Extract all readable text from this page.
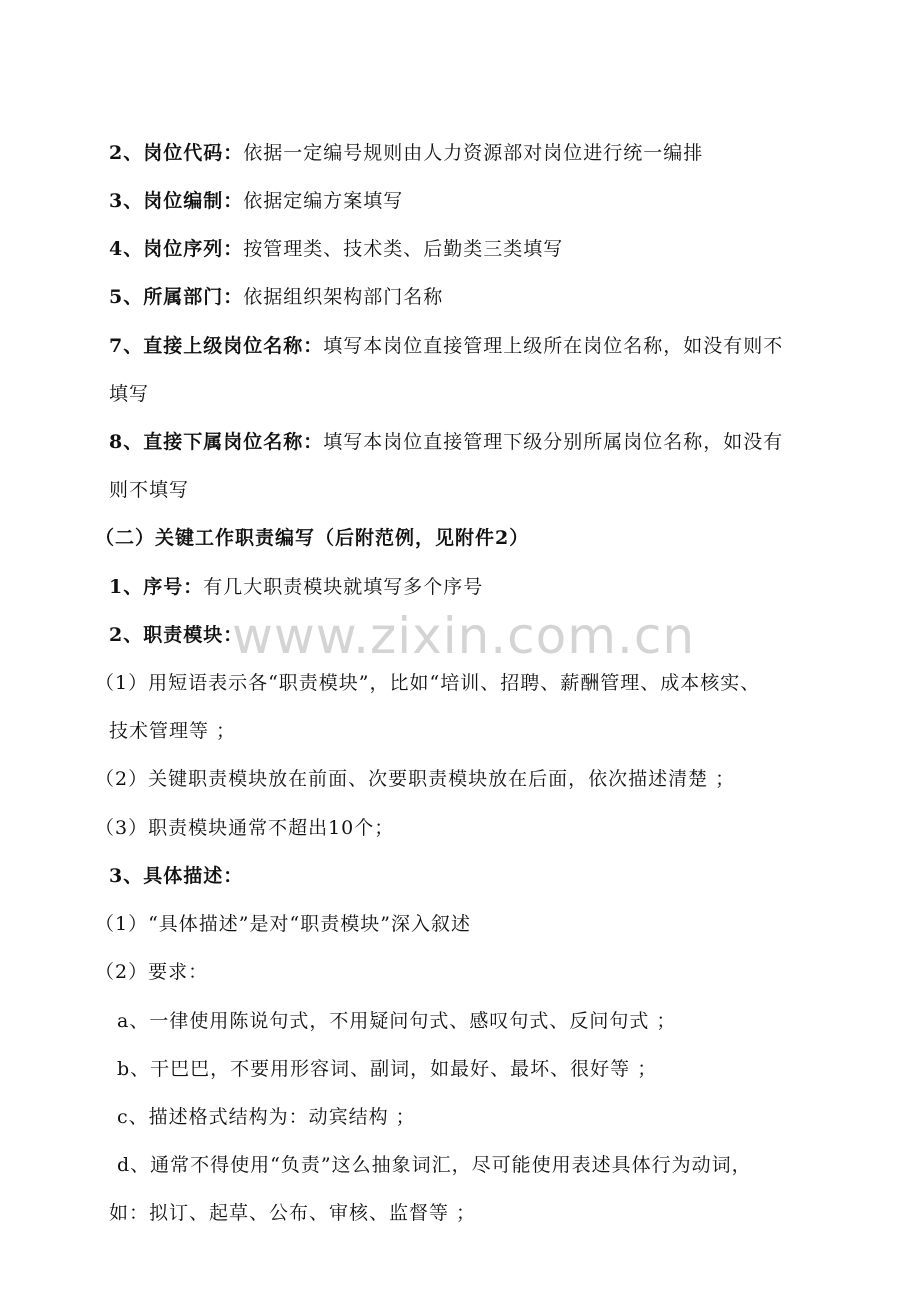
www.zixin.com.cn
2、岗位代码：依据一定编号规则由人力资源部对岗位进行统一编排
3、岗位编制：依据定编方案填写
4、岗位序列：按管理类、技术类、后勤类三类填写
5、所属部门：依据组织架构部门名称
7、直接上级岗位名称：填写本岗位直接管理上级所在岗位名称，如没有则不
填写
8、直接下属岗位名称：填写本岗位直接管理下级分别所属岗位名称，如没有
则不填写
（二）关键工作职责编写（后附范例，见附件2）
1、序号：有几大职责模块就填写多个序号
2、职责模块：
（1）用短语表示各“职责模块”，比如“培训、招聘、薪酬管理、成本核实、
技术管理等 ；
（2）关键职责模块放在前面、次要职责模块放在后面，依次描述清楚 ；
（3）职责模块通常不超出10个；
3、具体描述：
（1）“具体描述”是对“职责模块”深入叙述
（2）要求：
a、一律使用陈说句式，不用疑问句式、感叹句式、反问句式 ；
b、干巴巴，不要用形容词、副词，如最好、最坏、很好等 ；
c、描述格式结构为：动宾结构 ；
d、通常不得使用“负责”这么抽象词汇，尽可能使用表述具体行为动词，
如：拟订、起草、公布、审核、监督等 ；
